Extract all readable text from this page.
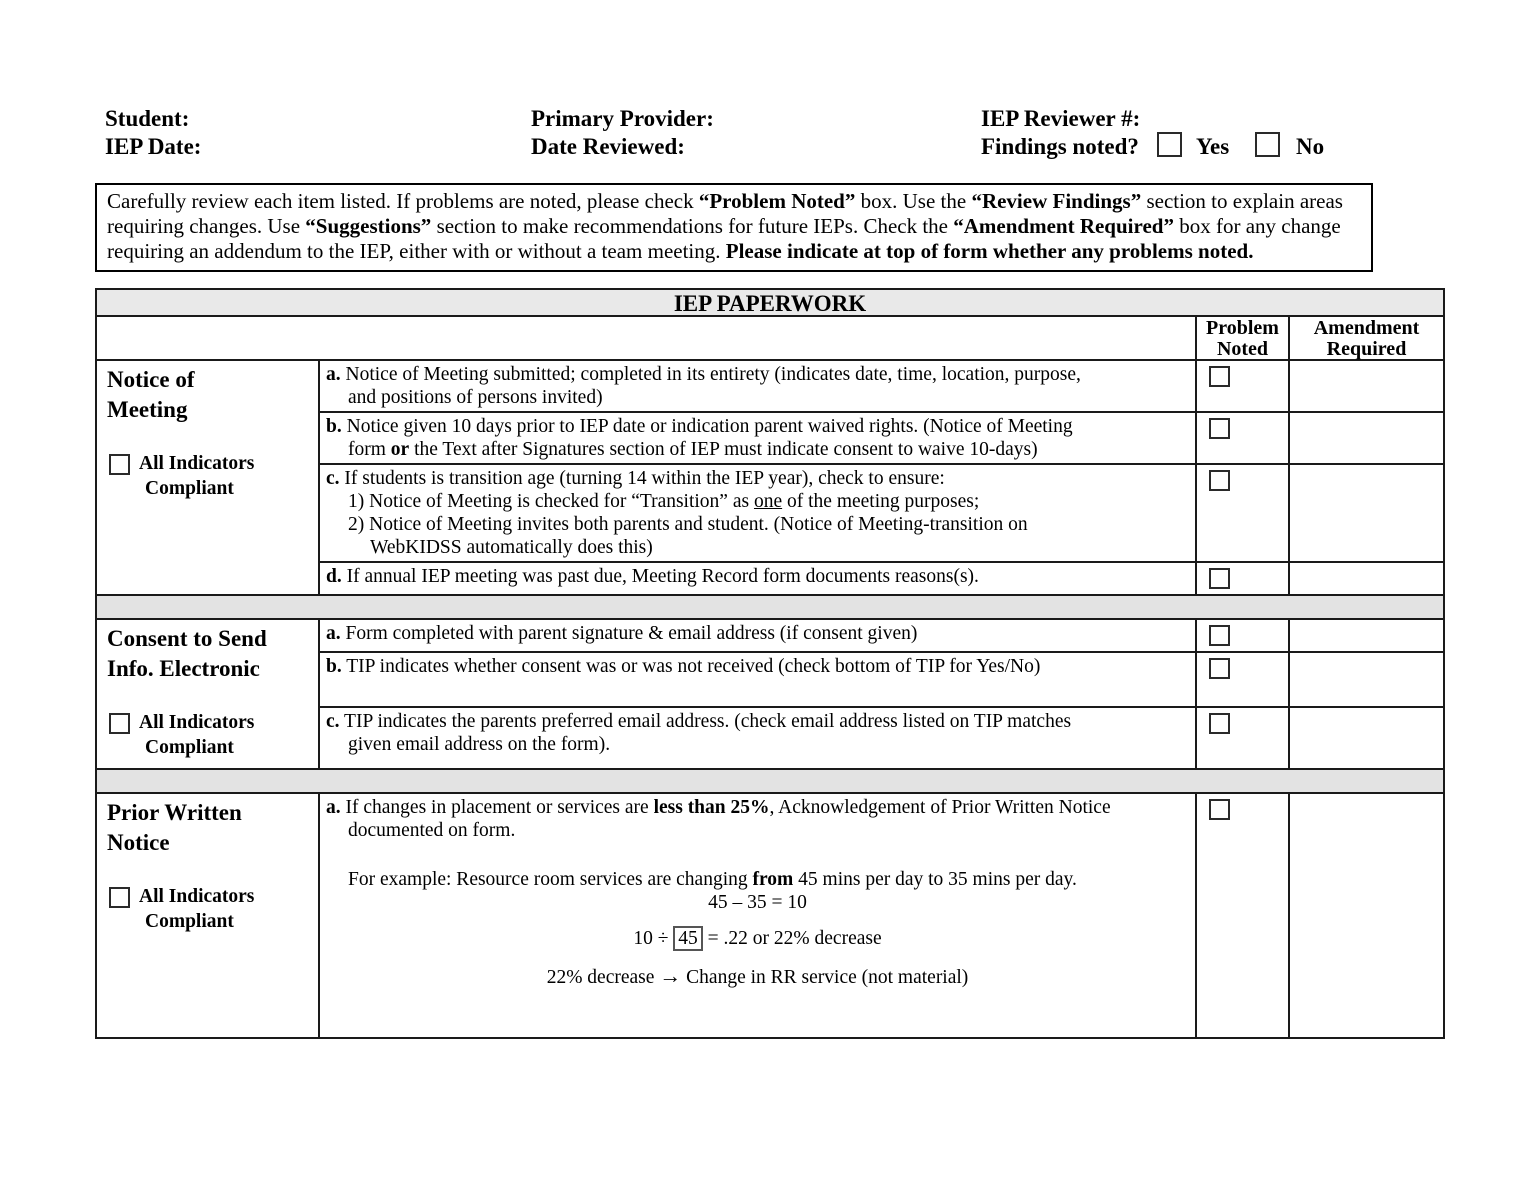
Student:
IEP Date:
Primary Provider:
Date Reviewed:
IEP Reviewer #:
Findings noted? Yes	No
Carefully review each item listed. If problems are noted, please check “Problem Noted” box. Use the “Review Findings” section to explain areas requiring changes. Use “Suggestions” section to make recommendations for future IEPs. Check the “Amendment Required” box for any change requiring an addendum to the IEP, either with or without a team meeting. Please indicate at top of form whether any problems noted.
IEP PAPERWORK
Problem
Noted
Amendment
Required
Notice of
Meeting
All Indicators
Compliant
a. Notice of Meeting submitted; completed in its entirety (indicates date, time, location, purpose,
and positions of persons invited)
b. Notice given 10 days prior to IEP date or indication parent waived rights. (Notice of Meeting
form or the Text after Signatures section of IEP must indicate consent to waive 10-days)
c. If students is transition age (turning 14 within the IEP year), check to ensure:
1) Notice of Meeting is checked for “Transition” as one of the meeting purposes;
2) Notice of Meeting invites both parents and student. (Notice of Meeting-transition on
WebKIDSS automatically does this)
d. If annual IEP meeting was past due, Meeting Record form documents reasons(s).
Consent to Send
Info. Electronic
All Indicators
Compliant
a. Form completed with parent signature & email address (if consent given)
b. TIP indicates whether consent was or was not received (check bottom of TIP for Yes/No)
c. TIP indicates the parents preferred email address. (check email address listed on TIP matches
given email address on the form).
Prior Written
Notice
All Indicators
Compliant
a. If changes in placement or services are less than 25%, Acknowledgement of Prior Written Notice
documented on form.
For example: Resource room services are changing from 45 mins per day to 35 mins per day.
45 – 35 = 10
10 ÷ 45 = .22 or 22% decrease
22% decrease → Change in RR service (not material)
